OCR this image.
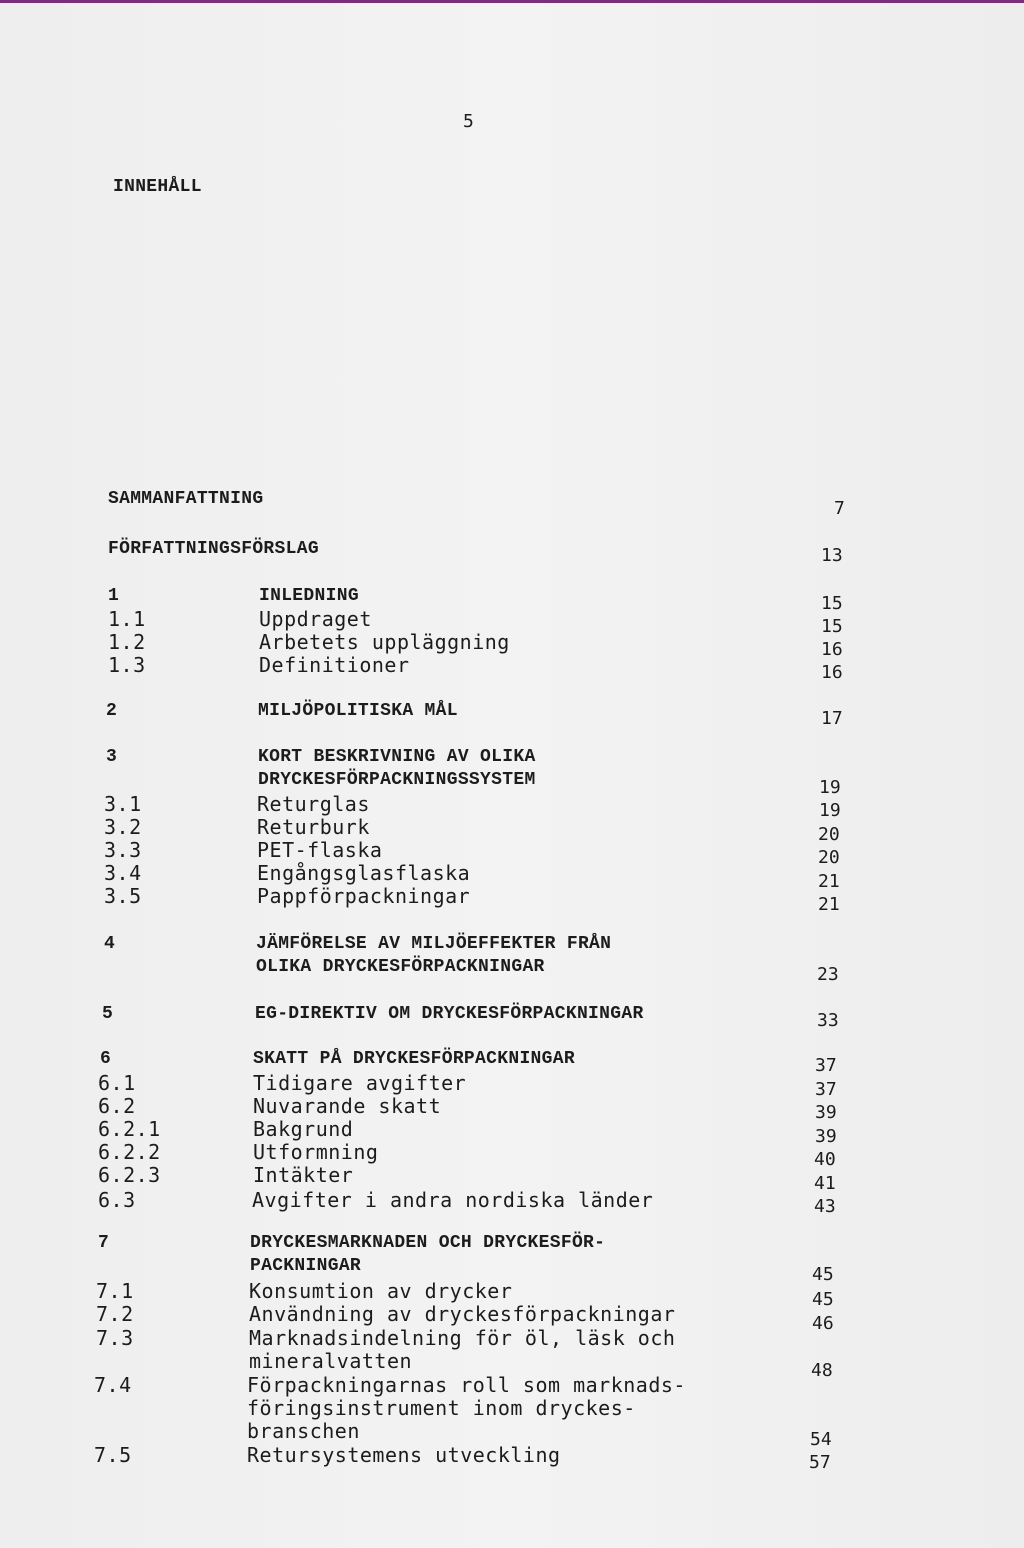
5
INNEHÅLL
SAMMANFATTNING	7
FÖRFATTNINGSFÖRSLAG	13
1	INLEDNING	15
1.1	Uppdraget	15
1.2	Arbetets uppläggning	16
1.3	Definitioner	16
2	MILJÖPOLITISKA MÅL	17
3	KORT BESKRIVNING AV OLIKA
DRYCKESFÖRPACKNINGSSYSTEM	19
3.1	Returglas	19
3.2	Returburk	20
3.3	PET-flaska	20
3.4	Engångsglasflaska	21
3.5	Pappförpackningar	21
4	JÄMFÖRELSE AV MILJÖEFFEKTER FRÅN
OLIKA DRYCKESFÖRPACKNINGAR	23
5	EG-DIREKTIV OM DRYCKESFÖRPACKNINGAR	33
6	SKATT PÅ DRYCKESFÖRPACKNINGAR	37
6.1	Tidigare avgifter	37
6.2	Nuvarande skatt	39
6.2.1	Bakgrund	39
6.2.2	Utformning	40
6.2.3	Intäkter	41
6.3	Avgifter i andra nordiska länder	43
7	DRYCKESMARKNADEN OCH DRYCKESFÖR-
PACKNINGAR	45
7.1	Konsumtion av drycker	45
7.2	Användning av dryckesförpackningar	46
7.3	Marknadsindelning för öl, läsk och
mineralvatten	48
7.4	Förpackningarnas roll som marknads-
föringsinstrument inom dryckes-
branschen	54
7.5	Retursystemens utveckling	57
